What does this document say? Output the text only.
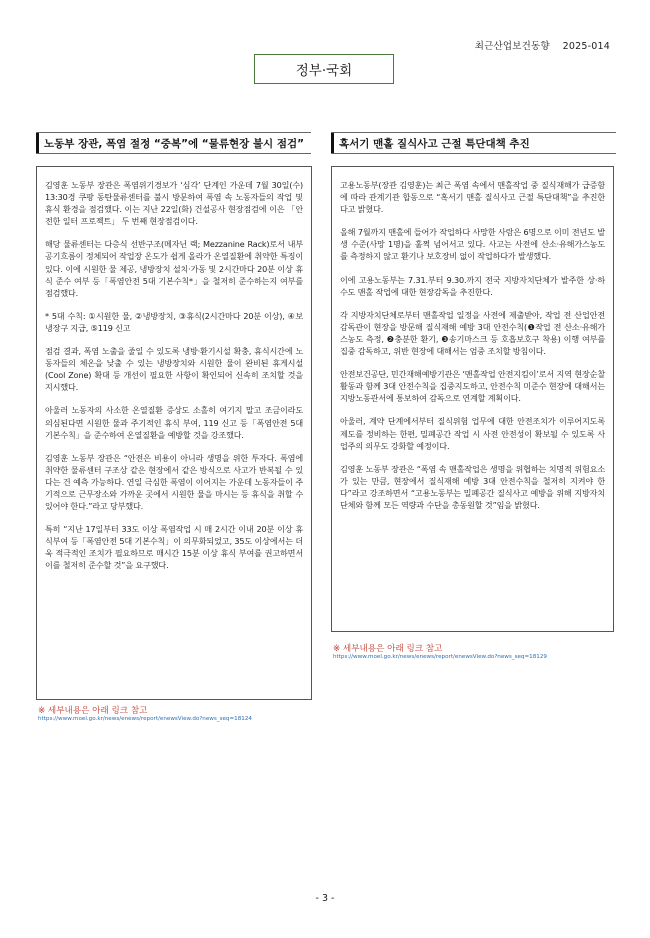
최근산업보건동향 2025-014
정부·국회
노동부 장관, 폭염 절정 “중복”에 “물류현장 불시 점검”

김영훈 노동부 장관은 폭염위기경보가 ‘심각’ 단계인 가운데 7월 30일(수) 13:30경 쿠팡 동탄물류센터를 불시 방문하여 폭염 속 노동자들의 작업 및 휴식 환경을 점검했다. 이는 지난 22일(화) 건설공사 현장점검에 이은 「안전한 일터 프로젝트」 두 번째 현장점검이다.

해당 물류센터는 다층식 선반구조(메자닌 랙; Mezzanine Rack)로서 내부 공기흐름이 정체되어 작업장 온도가 쉽게 올라가 온열질환에 취약한 특징이 있다. 이에 시원한 물 제공, 냉방장치 설치·가동 및 2시간마다 20분 이상 휴식 준수 여부 등「폭염안전 5대 기본수칙*」을 철저히 준수하는지 여부를 점검했다.

* 5대 수칙: ①시원한 물, ②냉방장치, ③휴식(2시간마다 20분 이상), ④보냉장구 지급, ⑤119 신고

점검 결과, 폭염 노출을 줄일 수 있도록 냉방·환기시설 확충, 휴식시간에 노동자들의 체온을 낮출 수 있는 냉방장치와 시원한 물이 완비된 휴게시설(Cool Zone) 확대 등 개선이 필요한 사항이 확인되어 신속히 조치할 것을 지시했다.

아울러 노동자의 사소한 온열질환 증상도 소홀히 여기지 말고 조금이라도 의심된다면 시원한 물과 주기적인 휴식 부여, 119 신고 등「폭염안전 5대 기본수칙」을 준수하여 온열질환을 예방할 것을 강조했다.

김영훈 노동부 장관은 “안전은 비용이 아니라 생명을 위한 투자다. 폭염에 취약한 물류센터 구조상 같은 현장에서 같은 방식으로 사고가 반복될 수 있다는 건 예측 가능하다. 연일 극심한 폭염이 이어지는 가운데 노동자들이 주기적으로 근무장소와 가까운 곳에서 시원한 물을 마시는 등 휴식을 취할 수 있어야 한다.”라고 당부했다.

특히 “지난 17일부터 33도 이상 폭염작업 시 매 2시간 이내 20분 이상 휴식부여 등「폭염안전 5대 기본수칙」이 의무화되었고, 35도 이상에서는 더욱 적극적인 조치가 필요하므로 매시간 15분 이상 휴식 부여를 권고하면서 이를 철저히 준수할 것”을 요구했다.

※ 세부내용은 아래 링크 참고
https://www.moel.go.kr/news/enews/report/enewsView.do?news_seq=18124
혹서기 맨홀 질식사고 근절 특단대책 추진

고용노동부(장관 김영훈)는 최근 폭염 속에서 맨홀작업 중 질식재해가 급증함에 따라 관계기관 합동으로 “혹서기 맨홀 질식사고 근절 특단대책”을 추진한다고 밝혔다.

올해 7월까지 맨홀에 들어가 작업하다 사망한 사람은 6명으로 이미 전년도 발생 수준(사망 1명)을 훌쩍 넘어서고 있다. 사고는 사전에 산소·유해가스농도를 측정하지 않고 환기나 보호장비 없이 작업하다가 발생했다.

이에 고용노동부는 7.31.부터 9.30.까지 전국 지방자치단체가 발주한 상·하수도 맨홀 작업에 대한 현장감독을 추진한다.

각 지방자치단체로부터 맨홀작업 일정을 사전에 제출받아, 작업 전 산업안전감독관이 현장을 방문해 질식재해 예방 3대 안전수칙(❶작업 전 산소·유해가스농도 측정, ❷충분한 환기, ❸송기마스크 등 호흡보호구 착용) 이행 여부를 집중 감독하고, 위반 현장에 대해서는 엄중 조치할 방침이다.

안전보건공단, 민간재해예방기관은 ‘맨홀작업 안전지킴이’로서 지역 현장순찰활동과 함께 3대 안전수칙을 집중지도하고, 안전수칙 미준수 현장에 대해서는 지방노동관서에 통보하여 감독으로 연계할 계획이다.

아울러, 계약 단계에서부터 질식위험 업무에 대한 안전조치가 이루어지도록 제도를 정비하는 한편, 밀폐공간 작업 시 사전 안전성이 확보될 수 있도록 사업주의 의무도 강화할 예정이다.

김영훈 노동부 장관은 “폭염 속 맨홀작업은 생명을 위협하는 치명적 위험요소가 있는 만큼, 현장에서 질식재해 예방 3대 안전수칙을 철저히 지켜야 한다”라고 강조하면서 “고용노동부는 밀폐공간 질식사고 예방을 위해 지방자치단체와 함께 모든 역량과 수단을 총동원할 것”임을 밝혔다.

※ 세부내용은 아래 링크 참고
https://www.moel.go.kr/news/enews/report/enewsView.do?news_seq=18129
- 3 -
